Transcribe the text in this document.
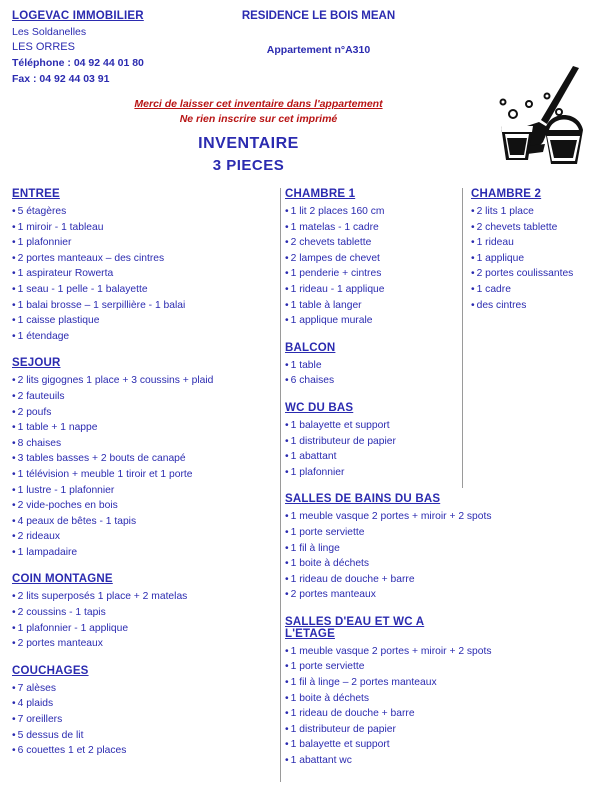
LOGEVAC IMMOBILIER
Les Soldanelles
LES ORRES
Téléphone : 04 92 44 01 80
Fax : 04 92 44 03 91
RESIDENCE LE BOIS MEAN
Appartement n°A310
Merci de laisser cet inventaire dans l'appartement
Ne rien inscrire sur cet imprimé
INVENTAIRE
3 PIECES
ENTREE
• 5 étagères
• 1 miroir - 1 tableau
• 1 plafonnier
• 2 portes manteaux – des cintres
• 1 aspirateur Rowerta
• 1 seau - 1 pelle - 1 balayette
• 1 balai brosse – 1 serpillière - 1 balai
• 1 caisse plastique
• 1 étendage
SEJOUR
• 2 lits gigognes 1 place + 3 coussins + plaid
• 2 fauteuils
• 2 poufs
• 1 table + 1 nappe
• 8 chaises
• 3 tables basses + 2 bouts de canapé
• 1 télévision + meuble 1 tiroir et 1 porte
• 1 lustre - 1 plafonnier
• 2 vide-poches en bois
• 4 peaux de bêtes - 1 tapis
• 2 rideaux
• 1 lampadaire
COIN MONTAGNE
• 2 lits superposés 1 place + 2 matelas
• 2 coussins - 1 tapis
• 1 plafonnier - 1 applique
• 2 portes manteaux
COUCHAGES
• 7 alèses
• 4 plaids
• 7 oreillers
• 5 dessus de lit
• 6 couettes 1 et 2 places
CHAMBRE 1
• 1 lit 2 places 160 cm
• 1 matelas - 1 cadre
• 2 chevets tablette
• 2 lampes de chevet
• 1 penderie + cintres
• 1 rideau - 1 applique
• 1 table à langer
• 1 applique murale
BALCON
• 1 table
• 6 chaises
WC DU BAS
• 1 balayette et support
• 1 distributeur de papier
• 1 abattant
• 1 plafonnier
SALLES DE BAINS DU BAS
• 1 meuble vasque 2 portes + miroir + 2 spots
• 1 porte serviette
• 1 fil à linge
• 1 boite à déchets
• 1 rideau de douche + barre
• 2 portes manteaux
SALLES D'EAU ET WC A L'ETAGE
• 1 meuble vasque 2 portes + miroir + 2 spots
• 1 porte serviette
• 1 fil à linge – 2 portes manteaux
• 1 boite à déchets
• 1 rideau de douche + barre
• 1 distributeur de papier
• 1 balayette et support
• 1 abattant wc
CHAMBRE 2
• 2 lits 1 place
• 2 chevets tablette
• 1 rideau
• 1 applique
• 2 portes coulissantes
• 1 cadre
• des cintres
